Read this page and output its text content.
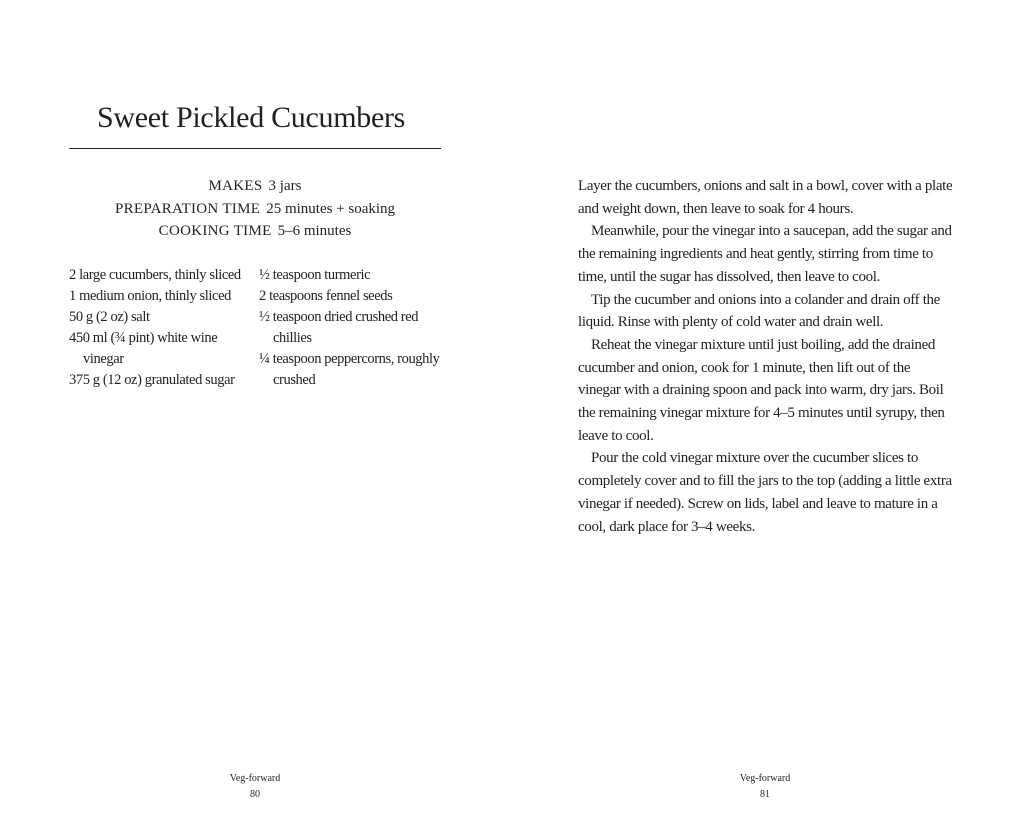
Sweet Pickled Cucumbers
MAKES 3 jars
PREPARATION TIME 25 minutes + soaking
COOKING TIME 5–6 minutes
2 large cucumbers, thinly sliced
1 medium onion, thinly sliced
50 g (2 oz) salt
450 ml (¾ pint) white wine vinegar
375 g (12 oz) granulated sugar
½ teaspoon turmeric
2 teaspoons fennel seeds
½ teaspoon dried crushed red chillies
¼ teaspoon peppercorns, roughly crushed
Veg-forward
80

Layer the cucumbers, onions and salt in a bowl, cover with a plate and weight down, then leave to soak for 4 hours.

Meanwhile, pour the vinegar into a saucepan, add the sugar and the remaining ingredients and heat gently, stirring from time to time, until the sugar has dissolved, then leave to cool.

Tip the cucumber and onions into a colander and drain off the liquid. Rinse with plenty of cold water and drain well.

Reheat the vinegar mixture until just boiling, add the drained cucumber and onion, cook for 1 minute, then lift out of the vinegar with a draining spoon and pack into warm, dry jars. Boil the remaining vinegar mixture for 4–5 minutes until syrupy, then leave to cool.

Pour the cold vinegar mixture over the cucumber slices to completely cover and to fill the jars to the top (adding a little extra vinegar if needed). Screw on lids, label and leave to mature in a cool, dark place for 3–4 weeks.

Veg-forward
81
